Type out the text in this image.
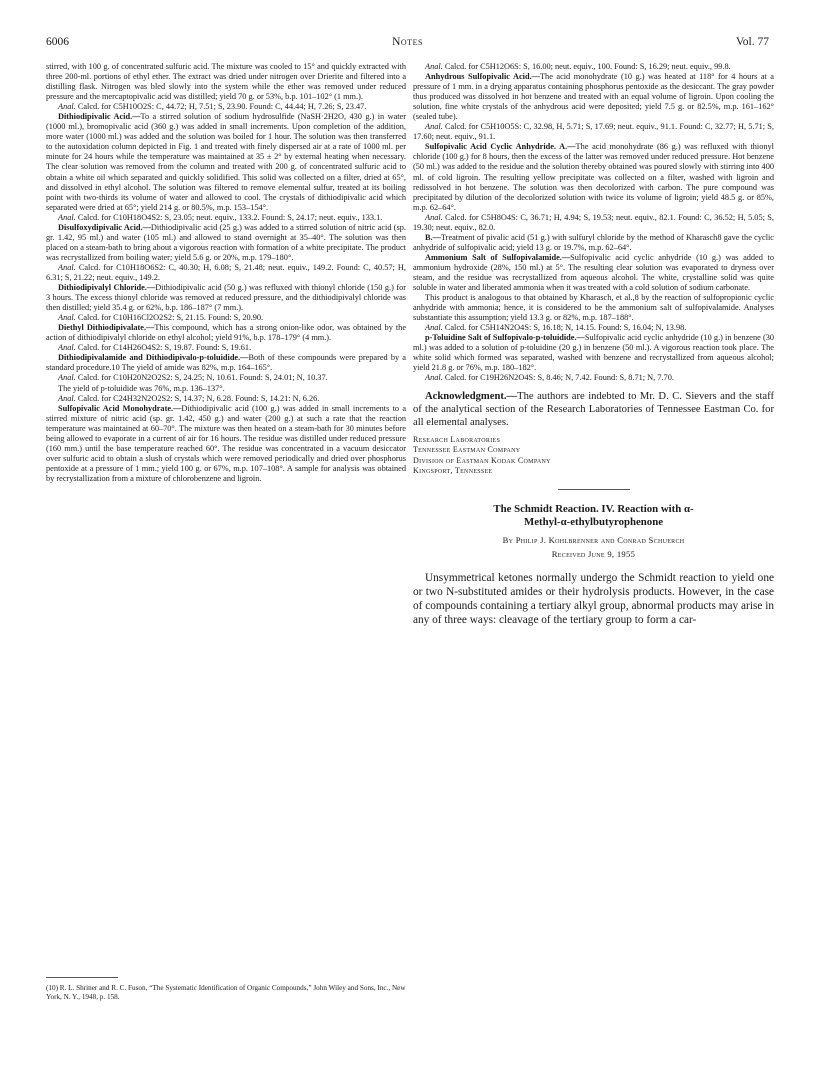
6006	Notes	Vol. 77

stirred, with 100 g. of concentrated sulfuric acid. The mixture was cooled to 15° and quickly extracted with three 200-ml. portions of ethyl ether. The extract was dried under nitrogen over Drierite and filtered into a distilling flask. Nitrogen was bled slowly into the system while the ether was removed under reduced pressure and the mercaptopivalic acid was distilled; yield 70 g. or 53%, b.p. 101–102° (1 mm.).

Anal. Calcd. for C5H10O2S: C, 44.72; H, 7.51; S, 23.90. Found: C, 44.44; H, 7.26; S, 23.47.

Dithiodipivalic Acid.—To a stirred solution of sodium hydrosulfide (NaSH·2H2O, 430 g.) in water (1000 ml.), bromopivalic acid (360 g.) was added in small increments. Upon completion of the addition, more water (1000 ml.) was added and the solution was boiled for 1 hour. The solution was then transferred to the autoxidation column depicted in Fig. 1 and treated with finely dispersed air at a rate of 1000 ml. per minute for 24 hours while the temperature was maintained at 35 ± 2° by external heating when necessary. The clear solution was removed from the column and treated with 200 g. of concentrated sulfuric acid to obtain a white oil which separated and quickly solidified. This solid was collected on a filter, dried at 65°, and dissolved in ethyl alcohol. The solution was filtered to remove elemental sulfur, treated at its boiling point with two-thirds its volume of water and allowed to cool. The crystals of dithiodipivalic acid which separated were dried at 65°; yield 214 g. or 80.5%, m.p. 153–154°.

Anal. Calcd. for C10H18O4S2: S, 23.05; neut. equiv., 133.2. Found: S, 24.17; neut. equiv., 133.1.

Disulfoxydipivalic Acid.—Dithiodipivalic acid (25 g.) was added to a stirred solution of nitric acid (sp. gr. 1.42, 95 ml.) and water (105 ml.) and allowed to stand overnight at 35–40°. The solution was then placed on a steam-bath to bring about a vigorous reaction with formation of a white precipitate. The product was recrystallized from boiling water; yield 5.6 g. or 20%, m.p. 179–180°.

Anal. Calcd. for C10H18O6S2: C, 40.30; H, 6.08; S, 21.48; neut. equiv., 149.2. Found: C, 40.57; H, 6.31; S, 21.22; neut. equiv., 149.2.

Dithiodipivalyl Chloride.—Dithiodipivalic acid (50 g.) was refluxed with thionyl chloride (150 g.) for 3 hours. The excess thionyl chloride was removed at reduced pressure, and the dithiodipivalyl chloride was then distilled; yield 35.4 g. or 62%, b.p. 186–187° (7 mm.).

Anal. Calcd. for C10H16Cl2O2S2: S, 21.15. Found: S, 20.90.

Diethyl Dithiodipivalate.—This compound, which has a strong onion-like odor, was obtained by the action of dithiodipivalyl chloride on ethyl alcohol; yield 91%, b.p. 178–179° (4 mm.).

Anal. Calcd. for C14H26O4S2: S, 19.87. Found: S, 19.61.

Dithiodipivalamide and Dithiodipivalo-p-toluidide.—Both of these compounds were prepared by a standard procedure.10 The yield of amide was 82%, m.p. 164–165°.

Anal. Calcd. for C10H20N2O2S2: S, 24.25; N, 10.61. Found: S, 24.01; N, 10.37.

The yield of p-toluidide was 76%, m.p. 136–137°.

Anal. Calcd. for C24H32N2O2S2: S, 14.37; N, 6.28. Found: S, 14.21: N, 6.26.

Sulfopivalic Acid Monohydrate.—Dithiodipivalic acid (100 g.) was added in small increments to a stirred mixture of nitric acid (sp. gr. 1.42, 450 g.) and water (200 g.) at such a rate that the reaction temperature was maintained at 60–70°. The mixture was then heated on a steam-bath for 30 minutes before being allowed to evaporate in a current of air for 16 hours. The residue was distilled under reduced pressure (160 mm.) until the base temperature reached 60°. The residue was concentrated in a vacuum desiccator over sulfuric acid to obtain a slush of crystals which were removed periodically and dried over phosphorus pentoxide at a pressure of 1 mm.; yield 100 g. or 67%, m.p. 107–108°. A sample for analysis was obtained by recrystallization from a mixture of chlorobenzene and ligroin.

(10) R. L. Shriner and R. C. Fuson, “The Systematic Identification of Organic Compounds,” John Wiley and Sons, Inc., New York, N. Y., 1948, p. 158.

Anal. Calcd. for C5H12O6S: S, 16.00; neut. equiv., 100. Found: S, 16.29; neut. equiv., 99.8.

Anhydrous Sulfopivalic Acid.—The acid monohydrate (10 g.) was heated at 118° for 4 hours at a pressure of 1 mm. in a drying apparatus containing phosphorus pentoxide as the desiccant. The gray powder thus produced was dissolved in hot benzene and treated with an equal volume of ligroin. Upon cooling the solution, fine white crystals of the anhydrous acid were deposited; yield 7.5 g. or 82.5%, m.p. 161–162° (sealed tube).

Anal. Calcd. for C5H10O5S: C, 32.98, H, 5.71; S, 17.69; neut. equiv., 91.1. Found: C, 32.77; H, 5.71; S, 17.60; neut. equiv., 91.1.

Sulfopivalic Acid Cyclic Anhydride. A.—The acid monohydrate (86 g.) was refluxed with thionyl chloride (100 g.) for 8 hours, then the excess of the latter was removed under reduced pressure. Hot benzene (50 ml.) was added to the residue and the solution thereby obtained was poured slowly with stirring into 400 ml. of cold ligroin. The resulting yellow precipitate was collected on a filter, washed with ligroin and redissolved in hot benzene. The solution was then decolorized with carbon. The pure compound was precipitated by dilution of the decolorized solution with twice its volume of ligroin; yield 48.5 g. or 85%, m.p. 62–64°.

Anal. Calcd. for C5H8O4S: C, 36.71; H, 4.94; S, 19.53; neut. equiv., 82.1. Found: C, 36.52; H, 5.05; S, 19.30; neut. equiv., 82.0.

B.—Treatment of pivalic acid (51 g.) with sulfuryl chloride by the method of Kharasch8 gave the cyclic anhydride of sulfopivalic acid; yield 13 g. or 19.7%, m.p. 62–64°.

Ammonium Salt of Sulfopivalamide.—Sulfopivalic acid cyclic anhydride (10 g.) was added to ammonium hydroxide (28%, 150 ml.) at 5°. The resulting clear solution was evaporated to dryness over steam, and the residue was recrystallized from aqueous alcohol. The white, crystalline solid was quite soluble in water and liberated ammonia when it was treated with a cold solution of sodium carbonate.

This product is analogous to that obtained by Kharasch, et al.,8 by the reaction of sulfopropionic cyclic anhydride with ammonia; hence, it is considered to be the ammonium salt of sulfopivalamide. Analyses substantiate this assumption; yield 13.3 g. or 82%, m.p. 187–188°.

Anal. Calcd. for C5H14N2O4S: S, 16.18; N, 14.15. Found: S, 16.04; N, 13.98.

p-Toluidine Salt of Sulfopivalo-p-toluidide.—Sulfopivalic acid cyclic anhydride (10 g.) in benzene (30 ml.) was added to a solution of p-toluidine (20 g.) in benzene (50 ml.). A vigorous reaction took place. The white solid which formed was separated, washed with benzene and recrystallized from aqueous alcohol; yield 21.8 g. or 76%, m.p. 180–182°.

Anal. Calcd. for C19H26N2O4S: S, 8.46; N, 7.42. Found: S, 8.71; N, 7.70.

Acknowledgment.—The authors are indebted to Mr. D. C. Sievers and the staff of the analytical section of the Research Laboratories of Tennessee Eastman Co. for all elemental analyses.

Research Laboratories
Tennessee Eastman Company
Division of Eastman Kodak Company
Kingsport, Tennessee

The Schmidt Reaction. IV. Reaction with α-
Methyl-α-ethylbutyrophenone

By Philip J. Kohlbrenner and Conrad Schuerch

Received June 9, 1955

Unsymmetrical ketones normally undergo the Schmidt reaction to yield one or two N-substituted amides or their hydrolysis products. However, in the case of compounds containing a tertiary alkyl group, abnormal products may arise in any of three ways: cleavage of the tertiary group to form a car-
